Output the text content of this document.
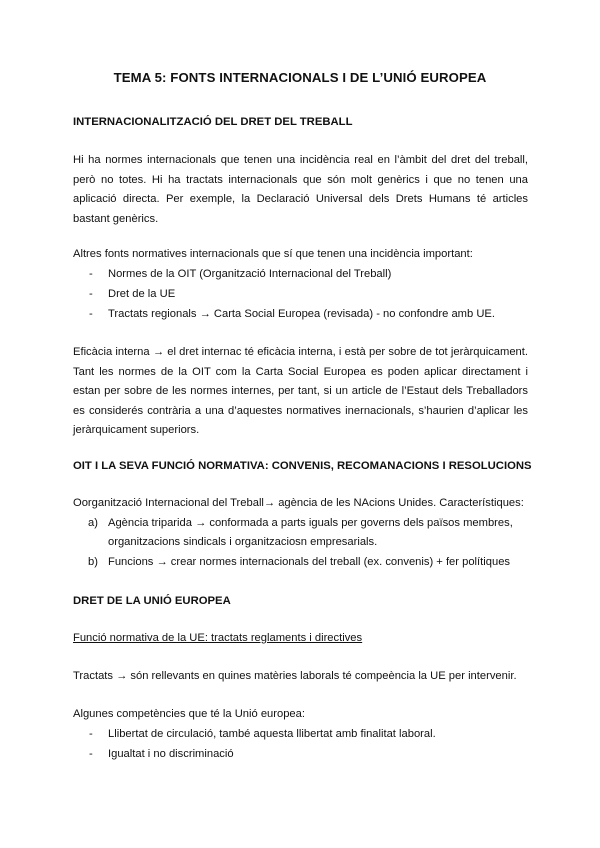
TEMA 5: FONTS INTERNACIONALS I DE L’UNIÓ EUROPEA
INTERNACIONALITZACIÓ DEL DRET DEL TREBALL

Hi ha normes internacionals que tenen una incidència real en l’àmbit del dret del treball, però no totes. Hi ha tractats internacionals que són molt genèrics i que no tenen una aplicació directa. Per exemple, la Declaració Universal dels Drets Humans té articles bastant genèrics.

Altres fonts normatives internacionals que sí que tenen una incidència important:
- Normes de la OIT (Organització Internacional del Treball)
- Dret de la UE
- Tractats regionals → Carta Social Europea (revisada) - no confondre amb UE.

Eficàcia interna → el dret internac té eficàcia interna, i està per sobre de tot jeràrquicament. Tant les normes de la OIT com la Carta Social Europea es poden aplicar directament i estan per sobre de les normes internes, per tant, si un article de l’Estaut dels Treballadors es considerés contrària a una d’aquestes normatives inernacionals, s’haurien d’aplicar les jeràrquicament superiors.

OIT I LA SEVA FUNCIÓ NORMATIVA: CONVENIS, RECOMANACIONS I RESOLUCIONS
Oorganització Internacional del Treball→ agència de les NAcions Unides. Característiques:
a) Agència triparida → conformada a parts iguals per governs dels països membres,
organitzacions sindicals i organitzaciosn empresarials.
b) Funcions → crear normes internacionals del treball (ex. convenis) + fer polítiques
DRET DE LA UNIÓ EUROPEA
Funció normativa de la UE: tractats reglaments i directives
Tractats → són rellevants en quines matèries laborals té compeència la UE per intervenir.
Algunes competències que té la Unió europea:
- Llibertat de circulació, també aquesta llibertat amb finalitat laboral.
- Igualtat i no discriminació
